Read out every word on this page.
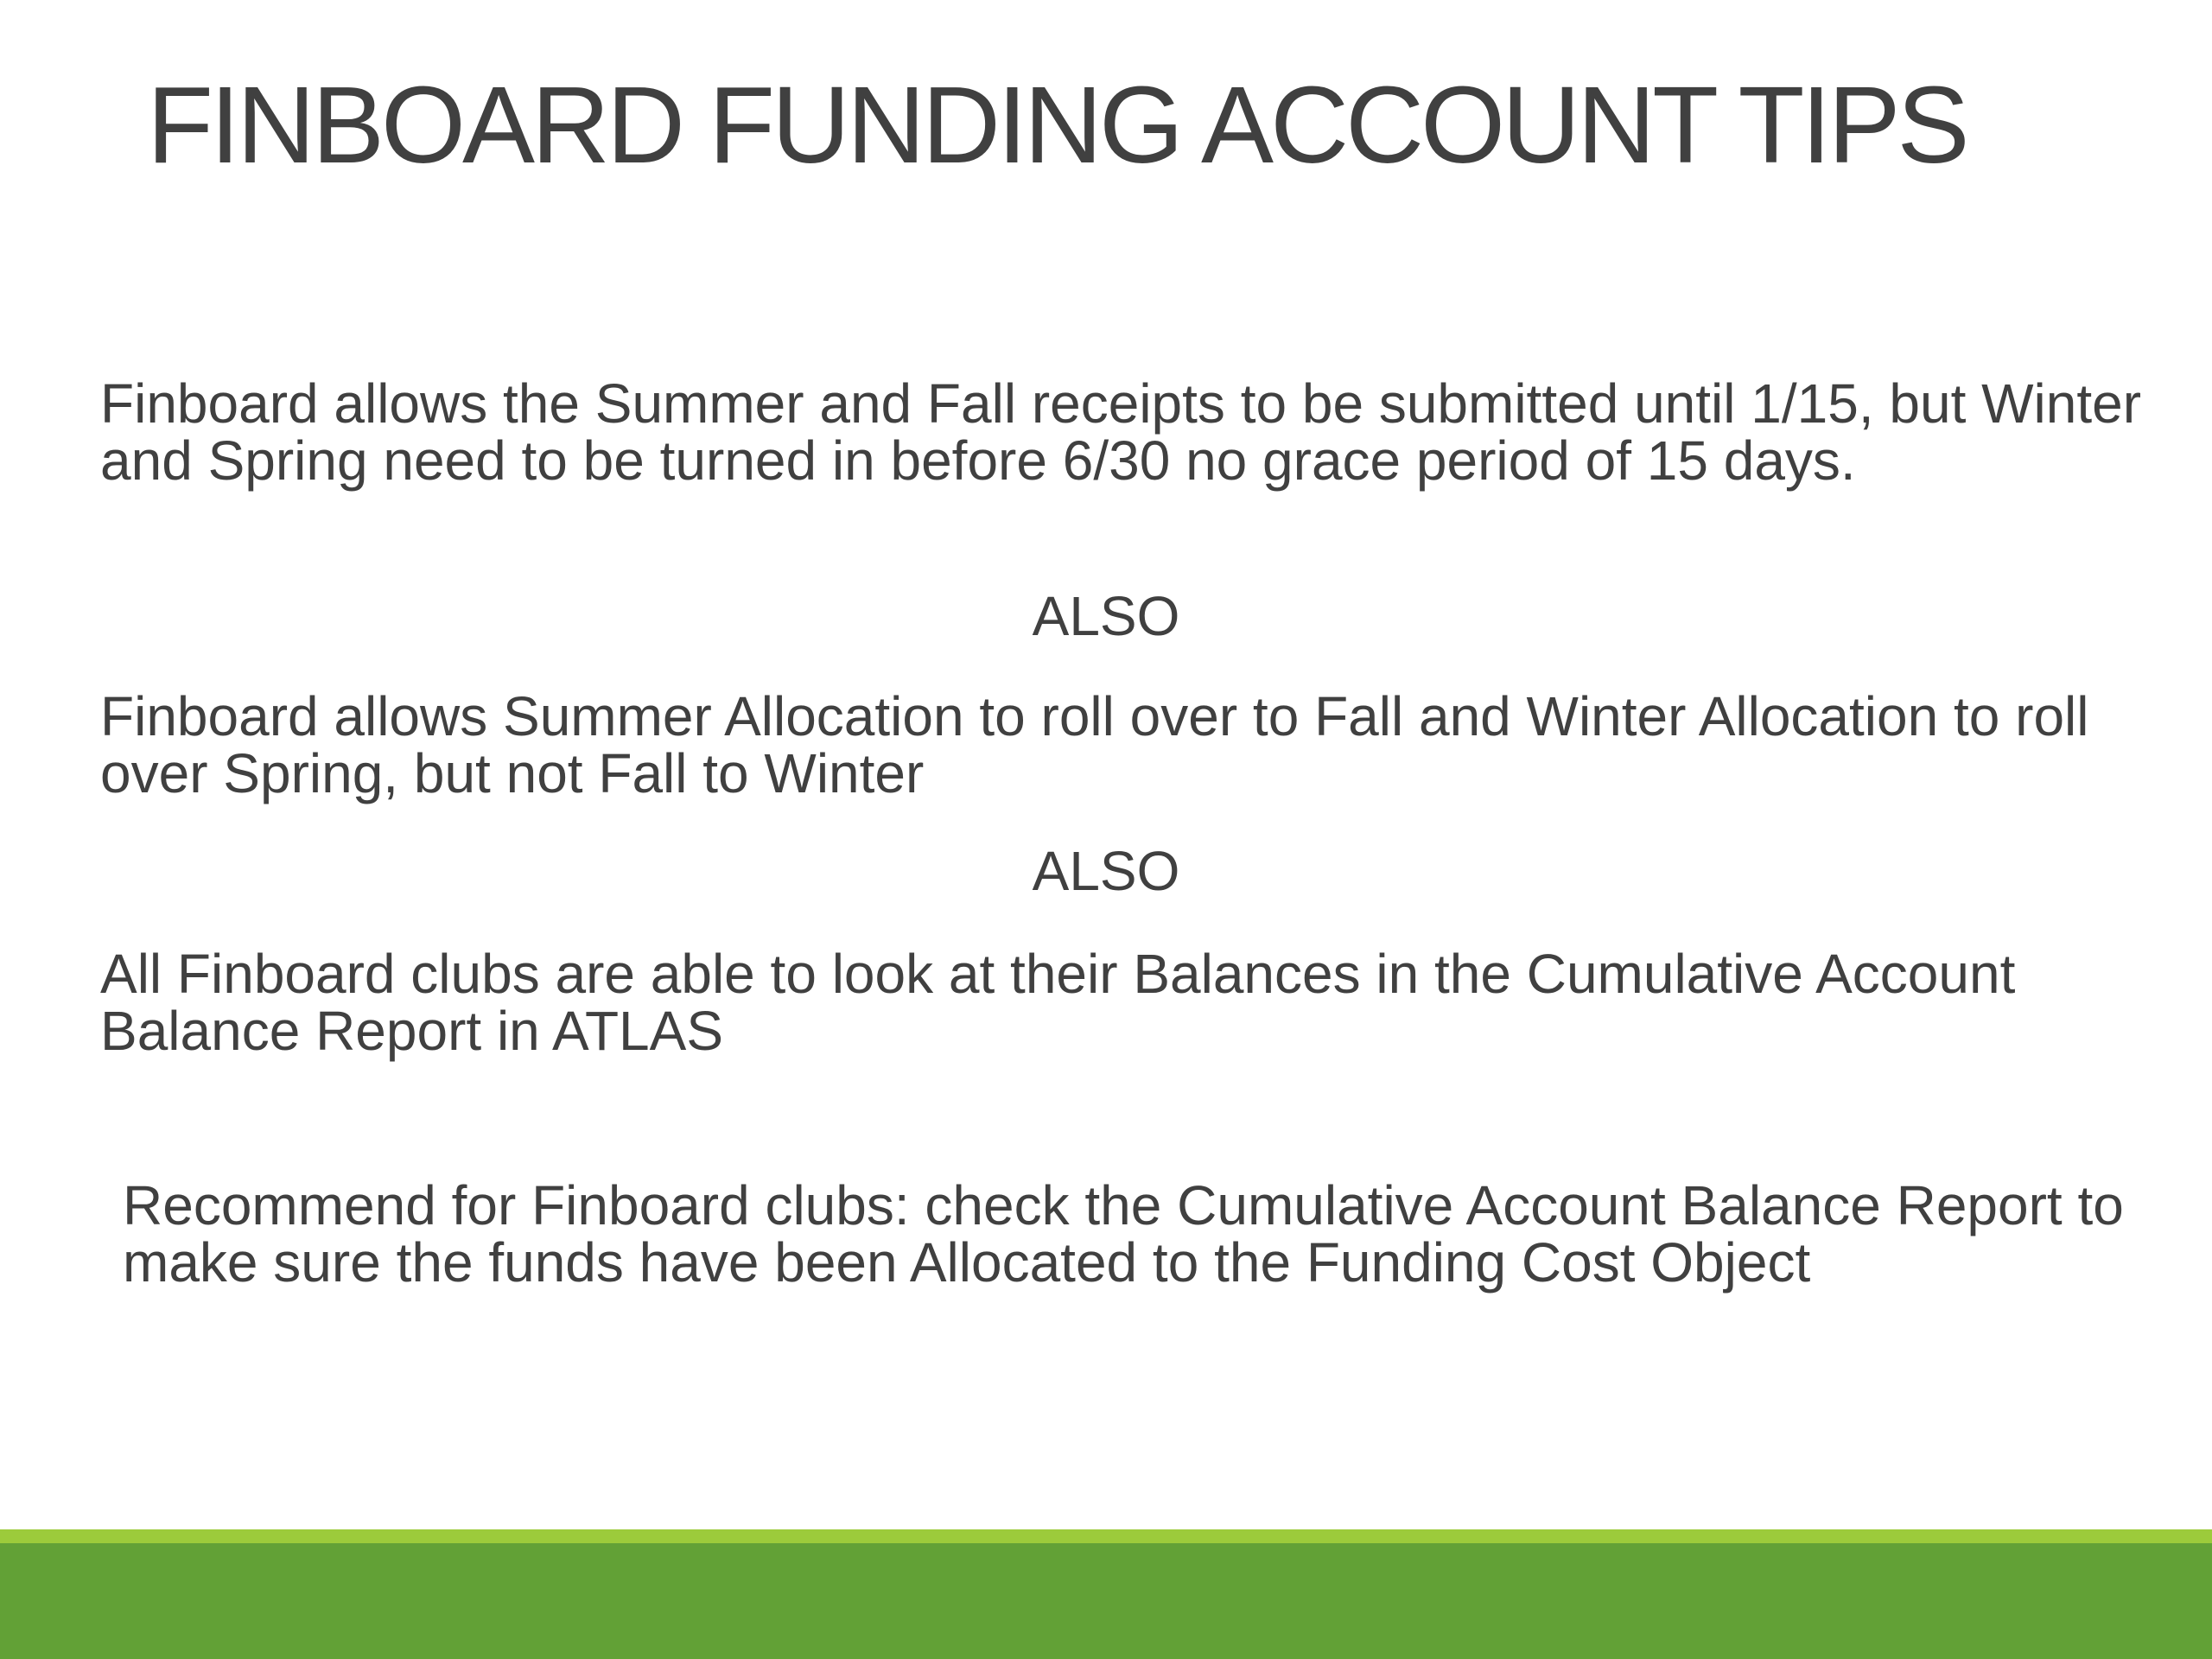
FINBOARD FUNDING ACCOUNT TIPS

Finboard allows the Summer and Fall receipts to be submitted until 1/15, but Winter and Spring need to be turned in before 6/30 no grace period of 15 days.

ALSO

Finboard allows Summer Allocation to roll over to Fall and Winter Allocation to roll over Spring, but not Fall to Winter

ALSO

All Finboard clubs are able to look at their Balances in the Cumulative Account Balance Report in ATLAS

Recommend for Finboard clubs: check the Cumulative Account Balance Report to make sure the funds have been Allocated to the Funding Cost Object
